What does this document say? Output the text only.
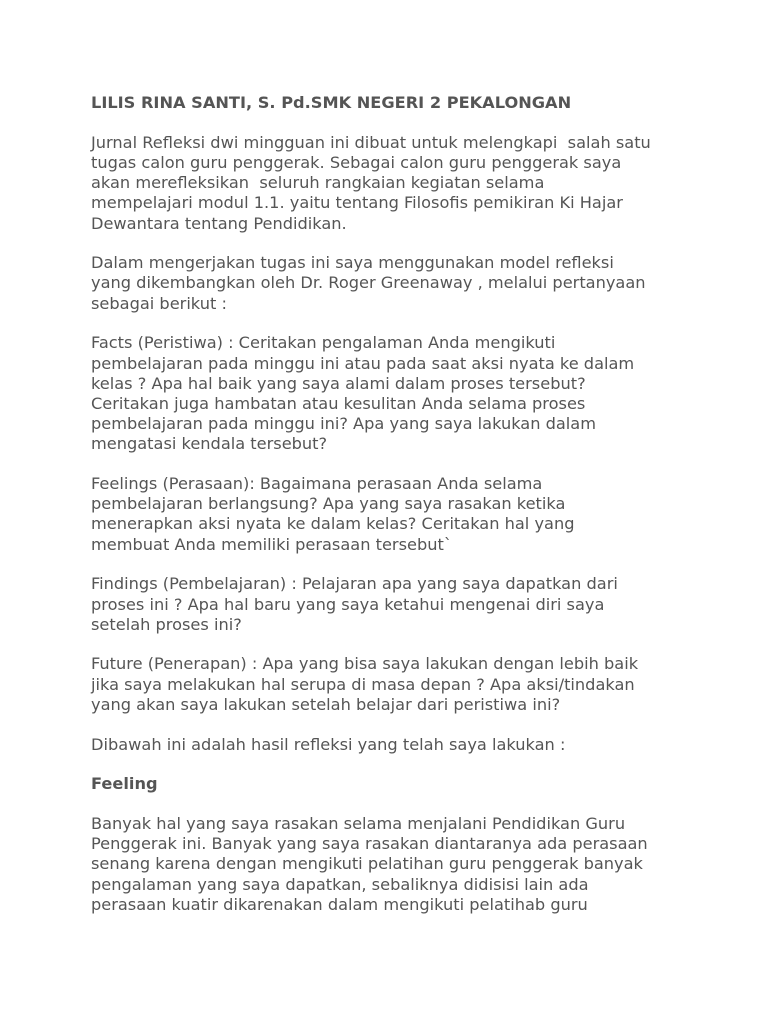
LILIS RINA SANTI, S. Pd.SMK NEGERI 2 PEKALONGAN

Jurnal Refleksi dwi mingguan ini dibuat untuk melengkapi  salah satu
tugas calon guru penggerak. Sebagai calon guru penggerak saya
akan merefleksikan  seluruh rangkaian kegiatan selama
mempelajari modul 1.1. yaitu tentang Filosofis pemikiran Ki Hajar
Dewantara tentang Pendidikan.

Dalam mengerjakan tugas ini saya menggunakan model refleksi
yang dikembangkan oleh Dr. Roger Greenaway , melalui pertanyaan
sebagai berikut :

Facts (Peristiwa) : Ceritakan pengalaman Anda mengikuti
pembelajaran pada minggu ini atau pada saat aksi nyata ke dalam
kelas ? Apa hal baik yang saya alami dalam proses tersebut?
Ceritakan juga hambatan atau kesulitan Anda selama proses
pembelajaran pada minggu ini? Apa yang saya lakukan dalam
mengatasi kendala tersebut?

Feelings (Perasaan): Bagaimana perasaan Anda selama
pembelajaran berlangsung? Apa yang saya rasakan ketika
menerapkan aksi nyata ke dalam kelas? Ceritakan hal yang
membuat Anda memiliki perasaan tersebut`

Findings (Pembelajaran) : Pelajaran apa yang saya dapatkan dari
proses ini ? Apa hal baru yang saya ketahui mengenai diri saya
setelah proses ini?

Future (Penerapan) : Apa yang bisa saya lakukan dengan lebih baik
jika saya melakukan hal serupa di masa depan ? Apa aksi/tindakan
yang akan saya lakukan setelah belajar dari peristiwa ini?

Dibawah ini adalah hasil refleksi yang telah saya lakukan :

Feeling

Banyak hal yang saya rasakan selama menjalani Pendidikan Guru
Penggerak ini. Banyak yang saya rasakan diantaranya ada perasaan
senang karena dengan mengikuti pelatihan guru penggerak banyak
pengalaman yang saya dapatkan, sebaliknya didisisi lain ada
perasaan kuatir dikarenakan dalam mengikuti pelatihab guru
